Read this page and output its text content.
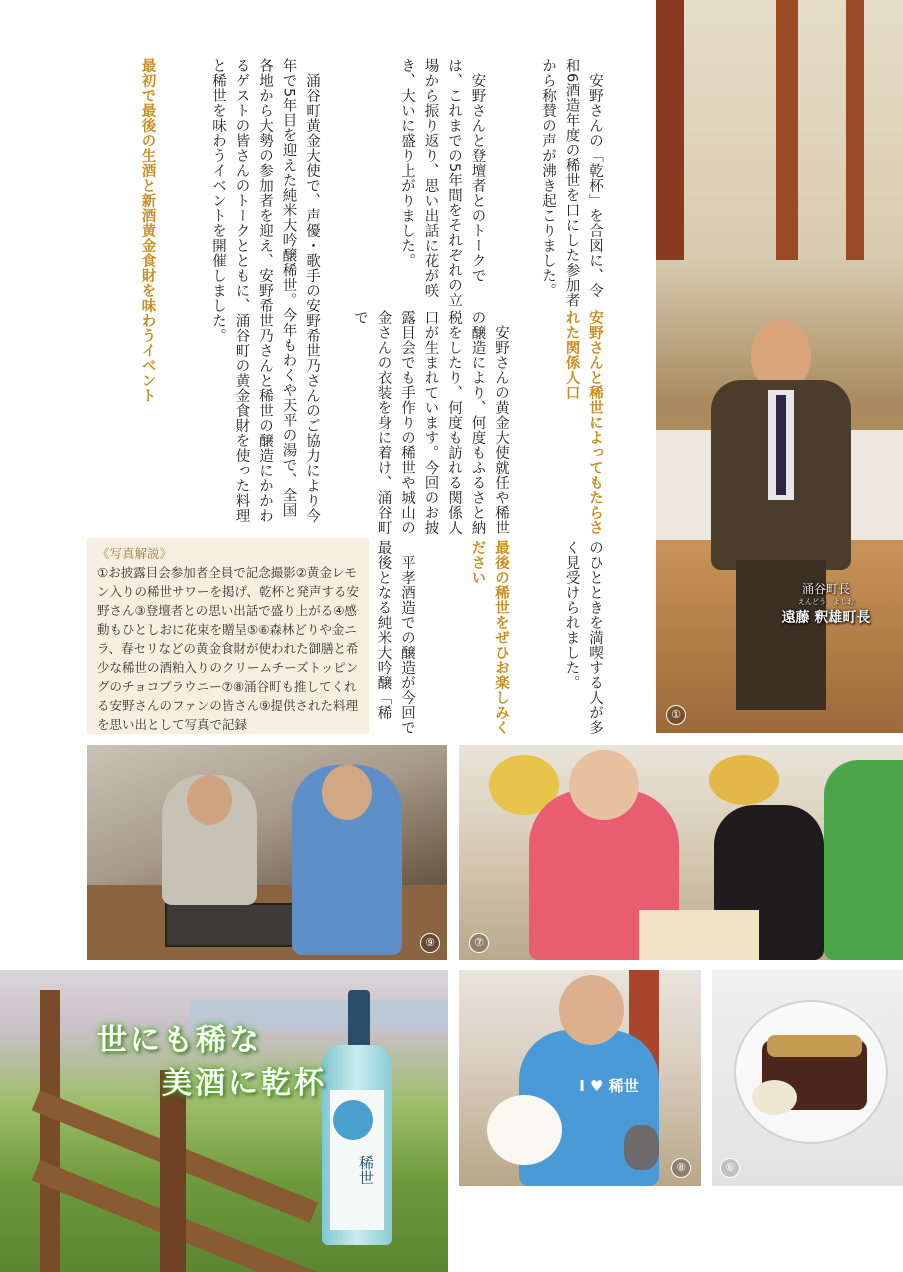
　涌谷町黄金大使で、声優・歌手の安野希世乃さんのご協力により今年で5年目を迎えた純米大吟醸稀世。今年もわくや天平の湯で、全国各地から大勢の参加者を迎え、安野希世乃さんと稀世の醸造にかかわるゲストの皆さんのトークとともに、涌谷町の黄金食財を使った料理と稀世を味わうイベントを開催しました。

最初で最後の生酒と新酒黄金食財を味わうイベント

安野さんと稀世によってもたらされた関係人口

　安野さんの黄金大使就任や稀世の醸造により、何度もふるさと納税をしたり、何度も訪れる関係人口が生まれています。今回のお披露目会でも手作りの稀世や城山の金さんの衣装を身に着け、涌谷町で

　安野さんの「乾杯」を合図に、令和6酒造年度の稀世を口にした参加者から称賛の声が沸き起こりました。

　安野さんと登壇者とのトークでは、これまでの5年間をそれぞれの立場から振り返り、思い出話に花が咲き、大いに盛り上がりました。

のひとときを満喫する人が多く見受けられました。

最後の稀世をぜひお楽しみください

　平孝酒造での醸造が今回で最後となる純米大吟醸「稀

《写真解説》
①お披露目会参加者全員で記念撮影②黄金レモン入りの稀世サワーを掲げ、乾杯と発声する安野さん③登壇者との思い出話で盛り上がる④感動もひとしおに花束を贈呈⑤⑥森林どりや金ニラ、春セリなどの黄金食財が使われた御膳と希少な稀世の酒粕入りのクリームチーズトッピングのチョコブラウニー⑦⑧涌谷町も推してくれる安野さんのファンの皆さん⑨提供された料理を思い出として写真で記録
涌谷町長
えんどう　よしお
遠藤 釈雄町長
①
⑨	⑦
稀世
世にも稀な
美酒に乾杯	I ♥ 稀世
⑧	⑥
